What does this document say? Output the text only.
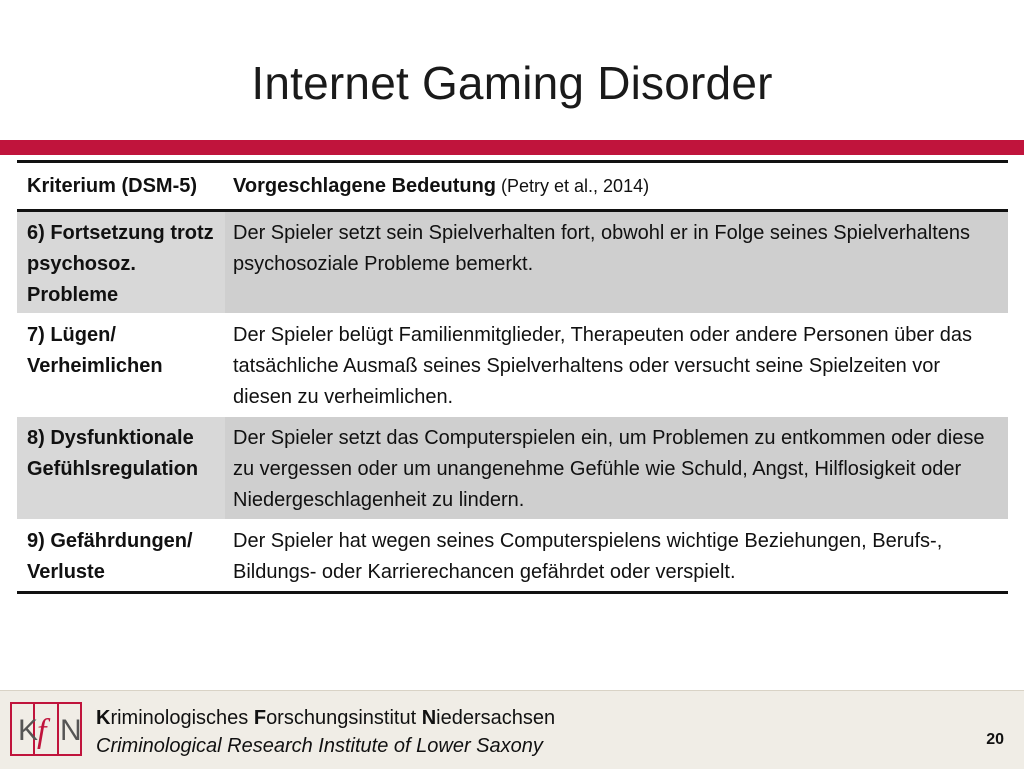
Internet Gaming Disorder
Kriterium (DSM-5)	Vorgeschlagene Bedeutung (Petry et al., 2014)
6) Fortsetzung trotz psychosoz. Probleme
Der Spieler setzt sein Spielverhalten fort, obwohl er in Folge seines Spielverhaltens psychosoziale Probleme bemerkt.
7) Lügen/ Verheimlichen
Der Spieler belügt Familienmitglieder, Therapeuten oder andere Personen über das tatsächliche Ausmaß seines Spielverhaltens oder versucht seine Spielzeiten vor diesen zu verheimlichen.
8) Dysfunktionale Gefühlsregulation
Der Spieler setzt das Computerspielen ein, um Problemen zu entkommen oder diese zu vergessen oder um unangenehme Gefühle wie Schuld, Angst, Hilflosigkeit oder Niedergeschlagenheit zu lindern.
9) Gefährdungen/ Verluste
Der Spieler hat wegen seines Computerspielens wichtige Beziehungen, Berufs-, Bildungs- oder Karrierechancen gefährdet oder verspielt.
K
f N Kriminologisches Forschungsinstitut Niedersachsen
Criminological Research Institute of Lower Saxony	20
